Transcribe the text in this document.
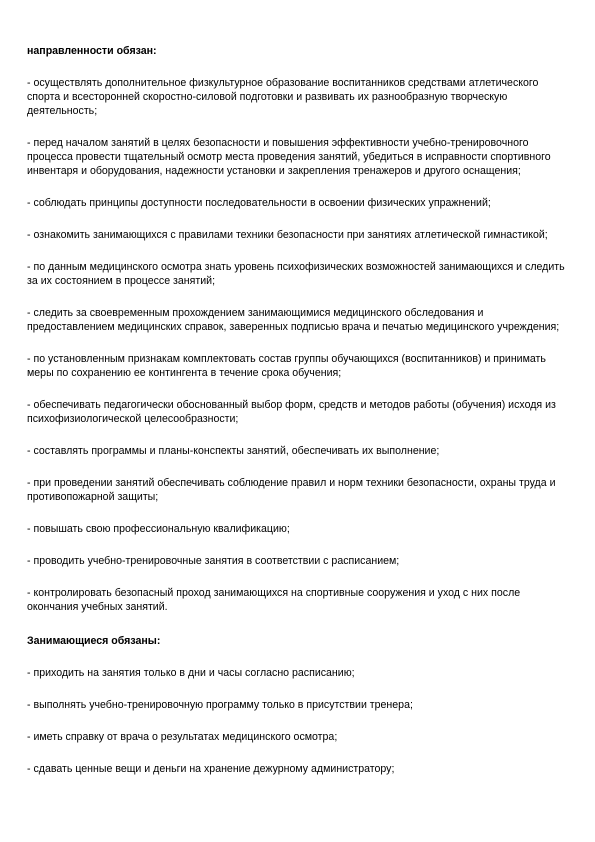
направленности обязан:
- осуществлять дополнительное физкультурное образование воспитанников средствами атлетического спорта и всесторонней скоростно-силовой подготовки и развивать их разнообразную творческую деятельность;
- перед началом занятий в целях безопасности и повышения эффективности учебно-тренировочного процесса провести тщательный осмотр места проведения занятий, убедиться в исправности спортивного инвентаря и оборудования, надежности установки и закрепления тренажеров и другого оснащения;
- соблюдать принципы доступности последовательности в освоении физических упражнений;
- ознакомить занимающихся с правилами техники безопасности при занятиях атлетической гимнастикой;
- по данным медицинского осмотра знать уровень психофизических возможностей занимающихся и следить за их состоянием в процессе занятий;
- следить за своевременным прохождением занимающимися медицинского обследования и предоставлением медицинских справок, заверенных подписью врача и печатью медицинского учреждения;
- по установленным признакам комплектовать состав группы обучающихся (воспитанников) и принимать меры по сохранению ее контингента в течение срока обучения;
- обеспечивать педагогически обоснованный выбор форм, средств и методов работы (обучения) исходя из психофизиологической целесообразности;
- составлять программы и планы-конспекты занятий, обеспечивать их выполнение;
- при проведении занятий обеспечивать соблюдение правил и норм техники безопасности, охраны труда и противопожарной защиты;
- повышать свою профессиональную квалификацию;
- проводить учебно-тренировочные занятия в соответствии с расписанием;
- контролировать безопасный проход занимающихся на спортивные сооружения и уход с них после окончания учебных занятий.
Занимающиеся обязаны:
- приходить на занятия только в дни и часы согласно расписанию;
- выполнять учебно-тренировочную программу только в присутствии тренера;
- иметь справку от врача о результатах медицинского осмотра;
- сдавать ценные вещи и деньги на хранение дежурному администратору;
